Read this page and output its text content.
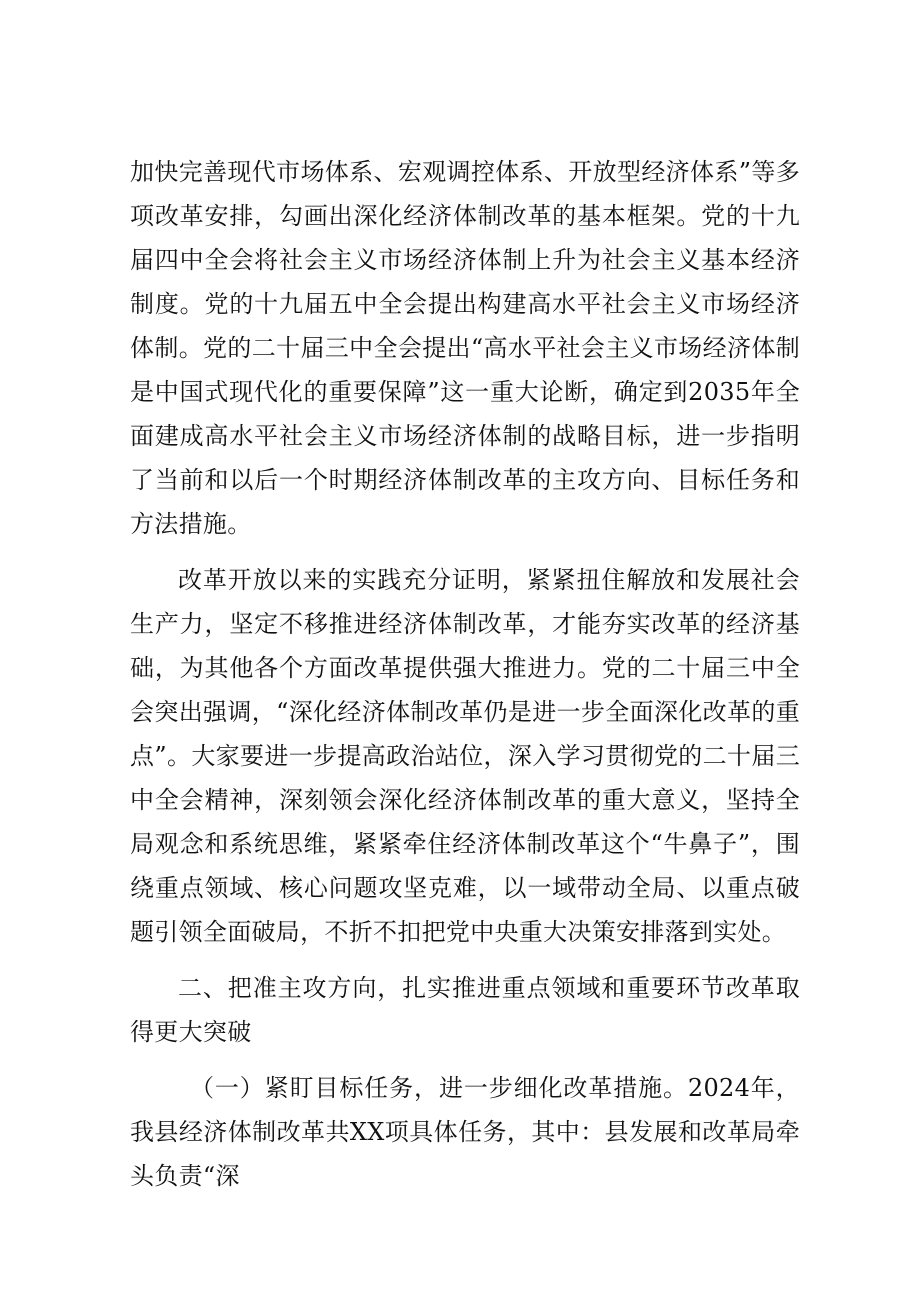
加快完善现代市场体系、宏观调控体系、开放型经济体系”等多项改革安排，勾画出深化经济体制改革的基本框架。党的十九届四中全会将社会主义市场经济体制上升为社会主义基本经济制度。党的十九届五中全会提出构建高水平社会主义市场经济体制。党的二十届三中全会提出“高水平社会主义市场经济体制是中国式现代化的重要保障”这一重大论断，确定到2035年全面建成高水平社会主义市场经济体制的战略目标，进一步指明了当前和以后一个时期经济体制改革的主攻方向、目标任务和方法措施。

改革开放以来的实践充分证明，紧紧扭住解放和发展社会生产力，坚定不移推进经济体制改革，才能夯实改革的经济基础，为其他各个方面改革提供强大推进力。党的二十届三中全会突出强调，“深化经济体制改革仍是进一步全面深化改革的重点”。大家要进一步提高政治站位，深入学习贯彻党的二十届三中全会精神，深刻领会深化经济体制改革的重大意义，坚持全局观念和系统思维，紧紧牵住经济体制改革这个“牛鼻子”，围绕重点领域、核心问题攻坚克难，以一域带动全局、以重点破题引领全面破局，不折不扣把党中央重大决策安排落到实处。

二、把准主攻方向，扎实推进重点领域和重要环节改革取得更大突破

（一）紧盯目标任务，进一步细化改革措施。2024年，我县经济体制改革共XX项具体任务，其中：县发展和改革局牵头负责“深
